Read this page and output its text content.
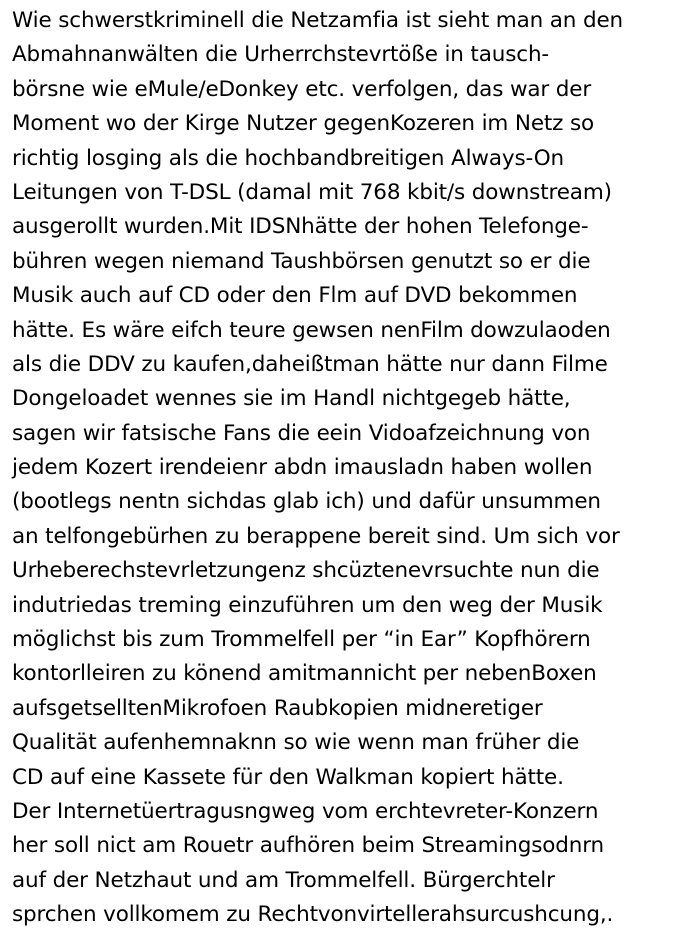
Wie schwerstkriminell die Netzamfia ist sieht man an den
Abmahnanwälten die Urherrchstevrtöße in tausch-
börsne wie eMule/eDonkey etc. verfolgen, das war der
Moment wo der Kirge Nutzer gegenKozeren im Netz so
richtig losging als die hochbandbreitigen Always-On
Leitungen von T-DSL (damal mit 768 kbit/s downstream)
ausgerollt wurden.Mit IDSNhätte der hohen Telefonge-
bühren wegen niemand Taushbörsen genutzt so er die
Musik auch auf CD oder den Flm auf DVD bekommen
hätte. Es wäre eifch teure gewsen nenFilm dowzulaoden
als die DDV zu kaufen,daheißtman hätte nur dann Filme
Dongeloadet wennes sie im Handl nichtgegeb hätte,
sagen wir fatsische Fans die eein Vidoafzeichnung von
jedem Kozert irendeienr abdn imausladn haben wollen
(bootlegs nentn sichdas glab ich) und dafür unsummen
an telfongebürhen zu berappene bereit sind. Um sich vor
Urheberechstevrletzungenz shcüztenevrsuchte nun die
indutriedas treming einzuführen um den weg der Musik
möglichst bis zum Trommelfell per “in Ear” Kopfhörern
kontorlleiren zu könend amitmannicht per nebenBoxen
aufsgetselltenMikrofoen Raubkopien midneretiger
Qualität aufenhemnaknn so wie wenn man früher die
CD auf eine Kassete für den Walkman kopiert hätte.
Der Internetüertragusngweg vom erchtevreter-Konzern
her soll nict am Rouetr aufhören beim Streamingsodnrn
auf der Netzhaut und am Trommelfell. Bürgerchtelr
sprchen vollkomem zu Rechtvonvirtellerahsurcushcung,.
